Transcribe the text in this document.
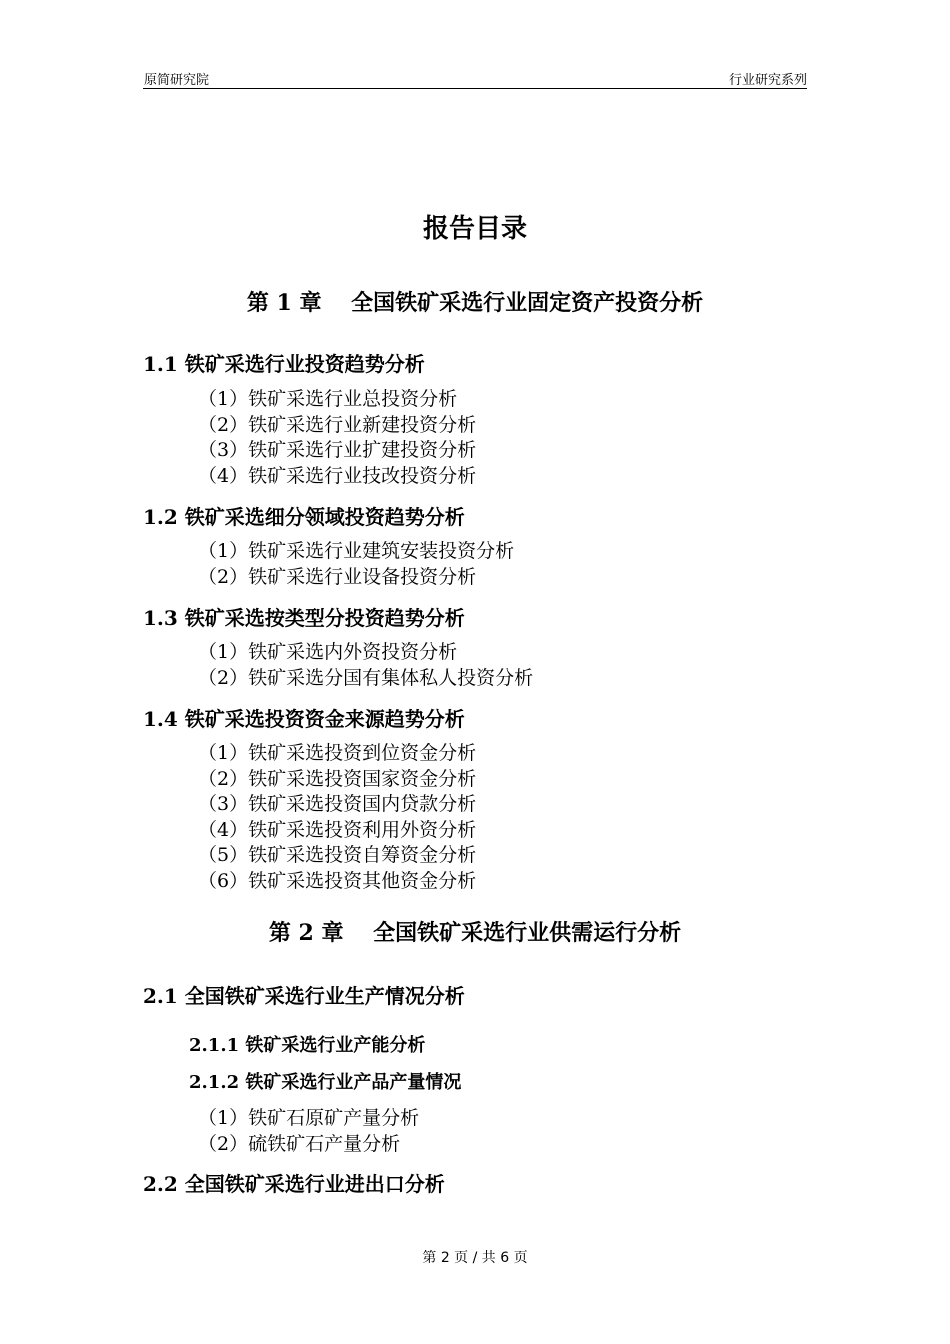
原简研究院	行业研究系列
报告目录
第 1 章　 全国铁矿采选行业固定资产投资分析
1.1 铁矿采选行业投资趋势分析
（1）铁矿采选行业总投资分析
（2）铁矿采选行业新建投资分析
（3）铁矿采选行业扩建投资分析
（4）铁矿采选行业技改投资分析
1.2 铁矿采选细分领域投资趋势分析
（1）铁矿采选行业建筑安装投资分析
（2）铁矿采选行业设备投资分析
1.3 铁矿采选按类型分投资趋势分析
（1）铁矿采选内外资投资分析
（2）铁矿采选分国有集体私人投资分析
1.4 铁矿采选投资资金来源趋势分析
（1）铁矿采选投资到位资金分析
（2）铁矿采选投资国家资金分析
（3）铁矿采选投资国内贷款分析
（4）铁矿采选投资利用外资分析
（5）铁矿采选投资自筹资金分析
（6）铁矿采选投资其他资金分析
第 2 章　 全国铁矿采选行业供需运行分析
2.1 全国铁矿采选行业生产情况分析
2.1.1 铁矿采选行业产能分析
2.1.2 铁矿采选行业产品产量情况
（1）铁矿石原矿产量分析
（2）硫铁矿石产量分析
2.2 全国铁矿采选行业进出口分析
第 2 页 / 共 6 页
